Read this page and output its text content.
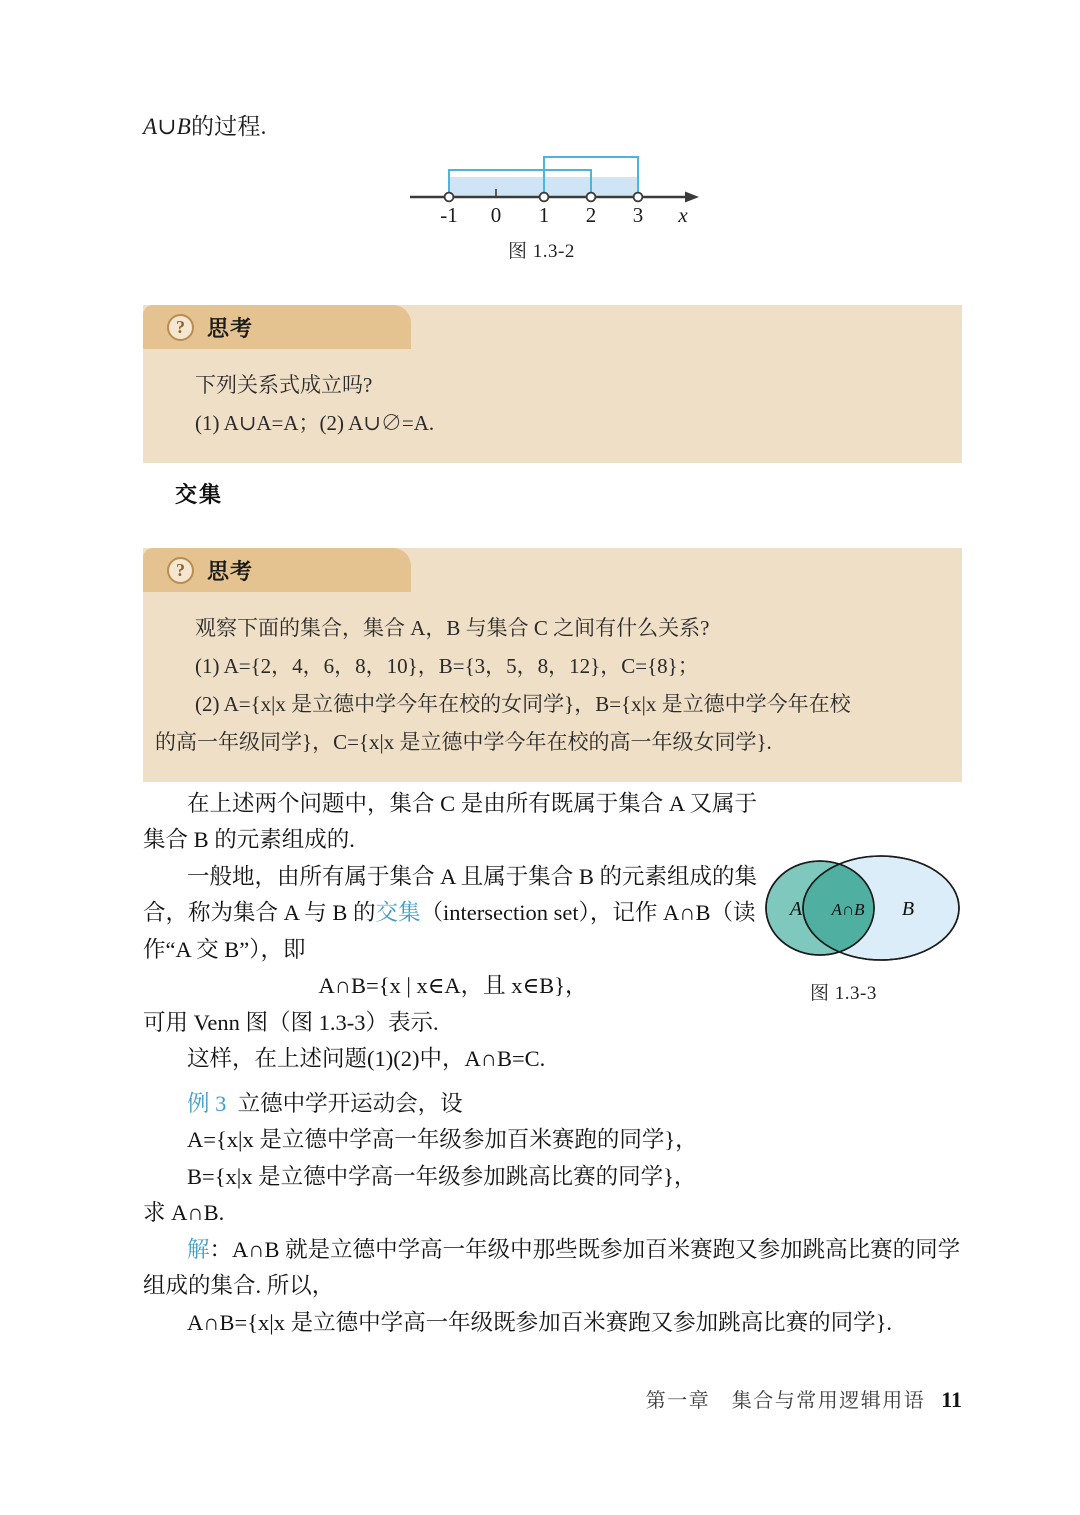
A∪B的过程.
-1 0 1 2 3 x
图 1.3-2
?	思考

下列关系式成立吗?

(1) A∪A=A；(2) A∪∅=A.

交集
?	思考

观察下面的集合，集合 A，B 与集合 C 之间有什么关系?

(1) A={2，4，6，8，10}，B={3，5，8，12}，C={8}；

(2) A={x|x 是立德中学今年在校的女同学}，B={x|x 是立德中学今年在校

的高一年级同学}，C={x|x 是立德中学今年在校的高一年级女同学}.

在上述两个问题中，集合 C 是由所有既属于集合 A 又属于集合 B 的元素组成的.

一般地，由所有属于集合 A 且属于集合 B 的元素组成的集合，称为集合 A 与 B 的交集（intersection set），记作 A∩B（读作“A 交 B”），即

A∩B={x | x∈A，且 x∈B}，

可用 Venn 图（图 1.3-3）表示.

这样，在上述问题(1)(2)中，A∩B=C.

A A∩B B
图 1.3-3

例 3 立德中学开运动会，设

A={x|x 是立德中学高一年级参加百米赛跑的同学}，

B={x|x 是立德中学高一年级参加跳高比赛的同学}，

求 A∩B.

解：A∩B 就是立德中学高一年级中那些既参加百米赛跑又参加跳高比赛的同学组成的集合. 所以，

A∩B={x|x 是立德中学高一年级既参加百米赛跑又参加跳高比赛的同学}.

第一章　集合与常用逻辑用语 11
